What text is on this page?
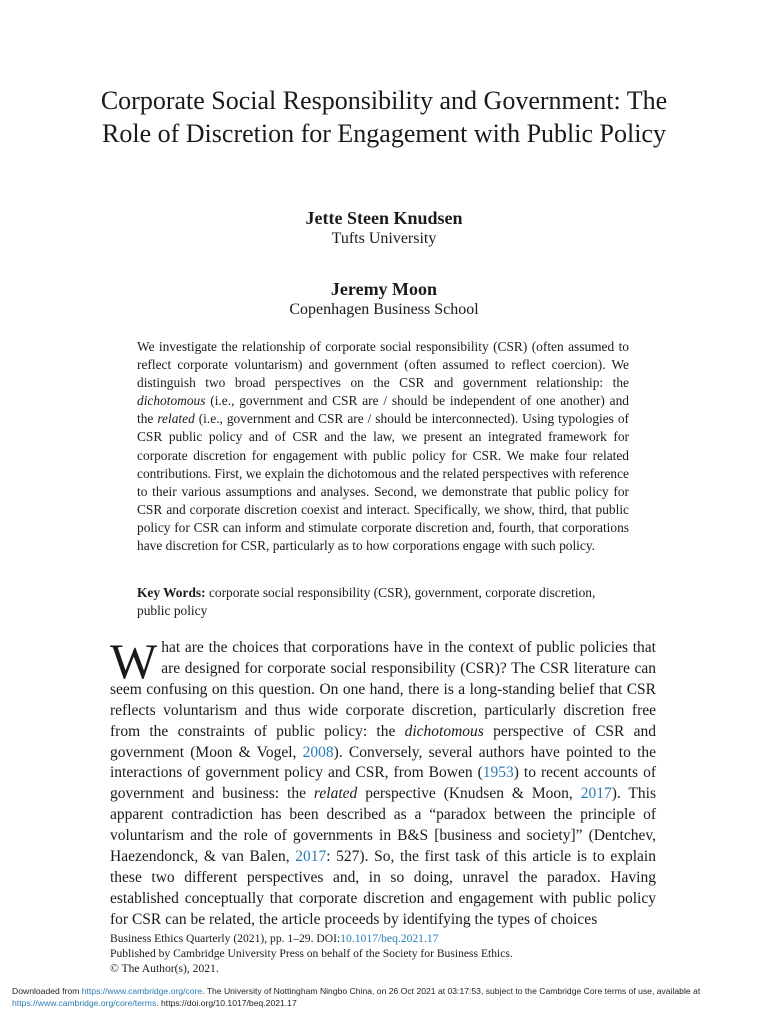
Corporate Social Responsibility and Government: The Role of Discretion for Engagement with Public Policy
Jette Steen Knudsen
Tufts University
Jeremy Moon
Copenhagen Business School

We investigate the relationship of corporate social responsibility (CSR) (often assumed to reflect corporate voluntarism) and government (often assumed to reflect coercion). We distinguish two broad perspectives on the CSR and government relationship: the dichotomous (i.e., government and CSR are / should be independent of one another) and the related (i.e., government and CSR are / should be interconnected). Using typologies of CSR public policy and of CSR and the law, we present an integrated framework for corporate discretion for engagement with public policy for CSR. We make four related contributions. First, we explain the dichotomous and the related perspectives with reference to their various assumptions and analyses. Second, we demonstrate that public policy for CSR and corporate discretion coexist and interact. Specifically, we show, third, that public policy for CSR can inform and stimulate corporate discretion and, fourth, that corporations have discretion for CSR, particularly as to how corporations engage with such policy.

Key Words: corporate social responsibility (CSR), government, corporate discretion, public policy

What are the choices that corporations have in the context of public policies that are designed for corporate social responsibility (CSR)? The CSR literature can seem confusing on this question. On one hand, there is a long-standing belief that CSR reflects voluntarism and thus wide corporate discretion, particularly discretion free from the constraints of public policy: the dichotomous perspective of CSR and government (Moon & Vogel, 2008). Conversely, several authors have pointed to the interactions of government policy and CSR, from Bowen (1953) to recent accounts of government and business: the related perspective (Knudsen & Moon, 2017). This apparent contradiction has been described as a “paradox between the principle of voluntarism and the role of governments in B&S [business and society]” (Dentchev, Haezendonck, & van Balen, 2017: 527). So, the first task of this article is to explain these two different perspectives and, in so doing, unravel the paradox. Having established conceptually that corporate discretion and engagement with public policy for CSR can be related, the article proceeds by identifying the types of choices

Business Ethics Quarterly (2021), pp. 1–29. DOI:10.1017/beq.2021.17
Published by Cambridge University Press on behalf of the Society for Business Ethics.
© The Author(s), 2021.

Downloaded from https://www.cambridge.org/core. The University of Nottingham Ningbo China, on 26 Oct 2021 at 03:17:53, subject to the Cambridge Core terms of use, available at https://www.cambridge.org/core/terms. https://doi.org/10.1017/beq.2021.17
